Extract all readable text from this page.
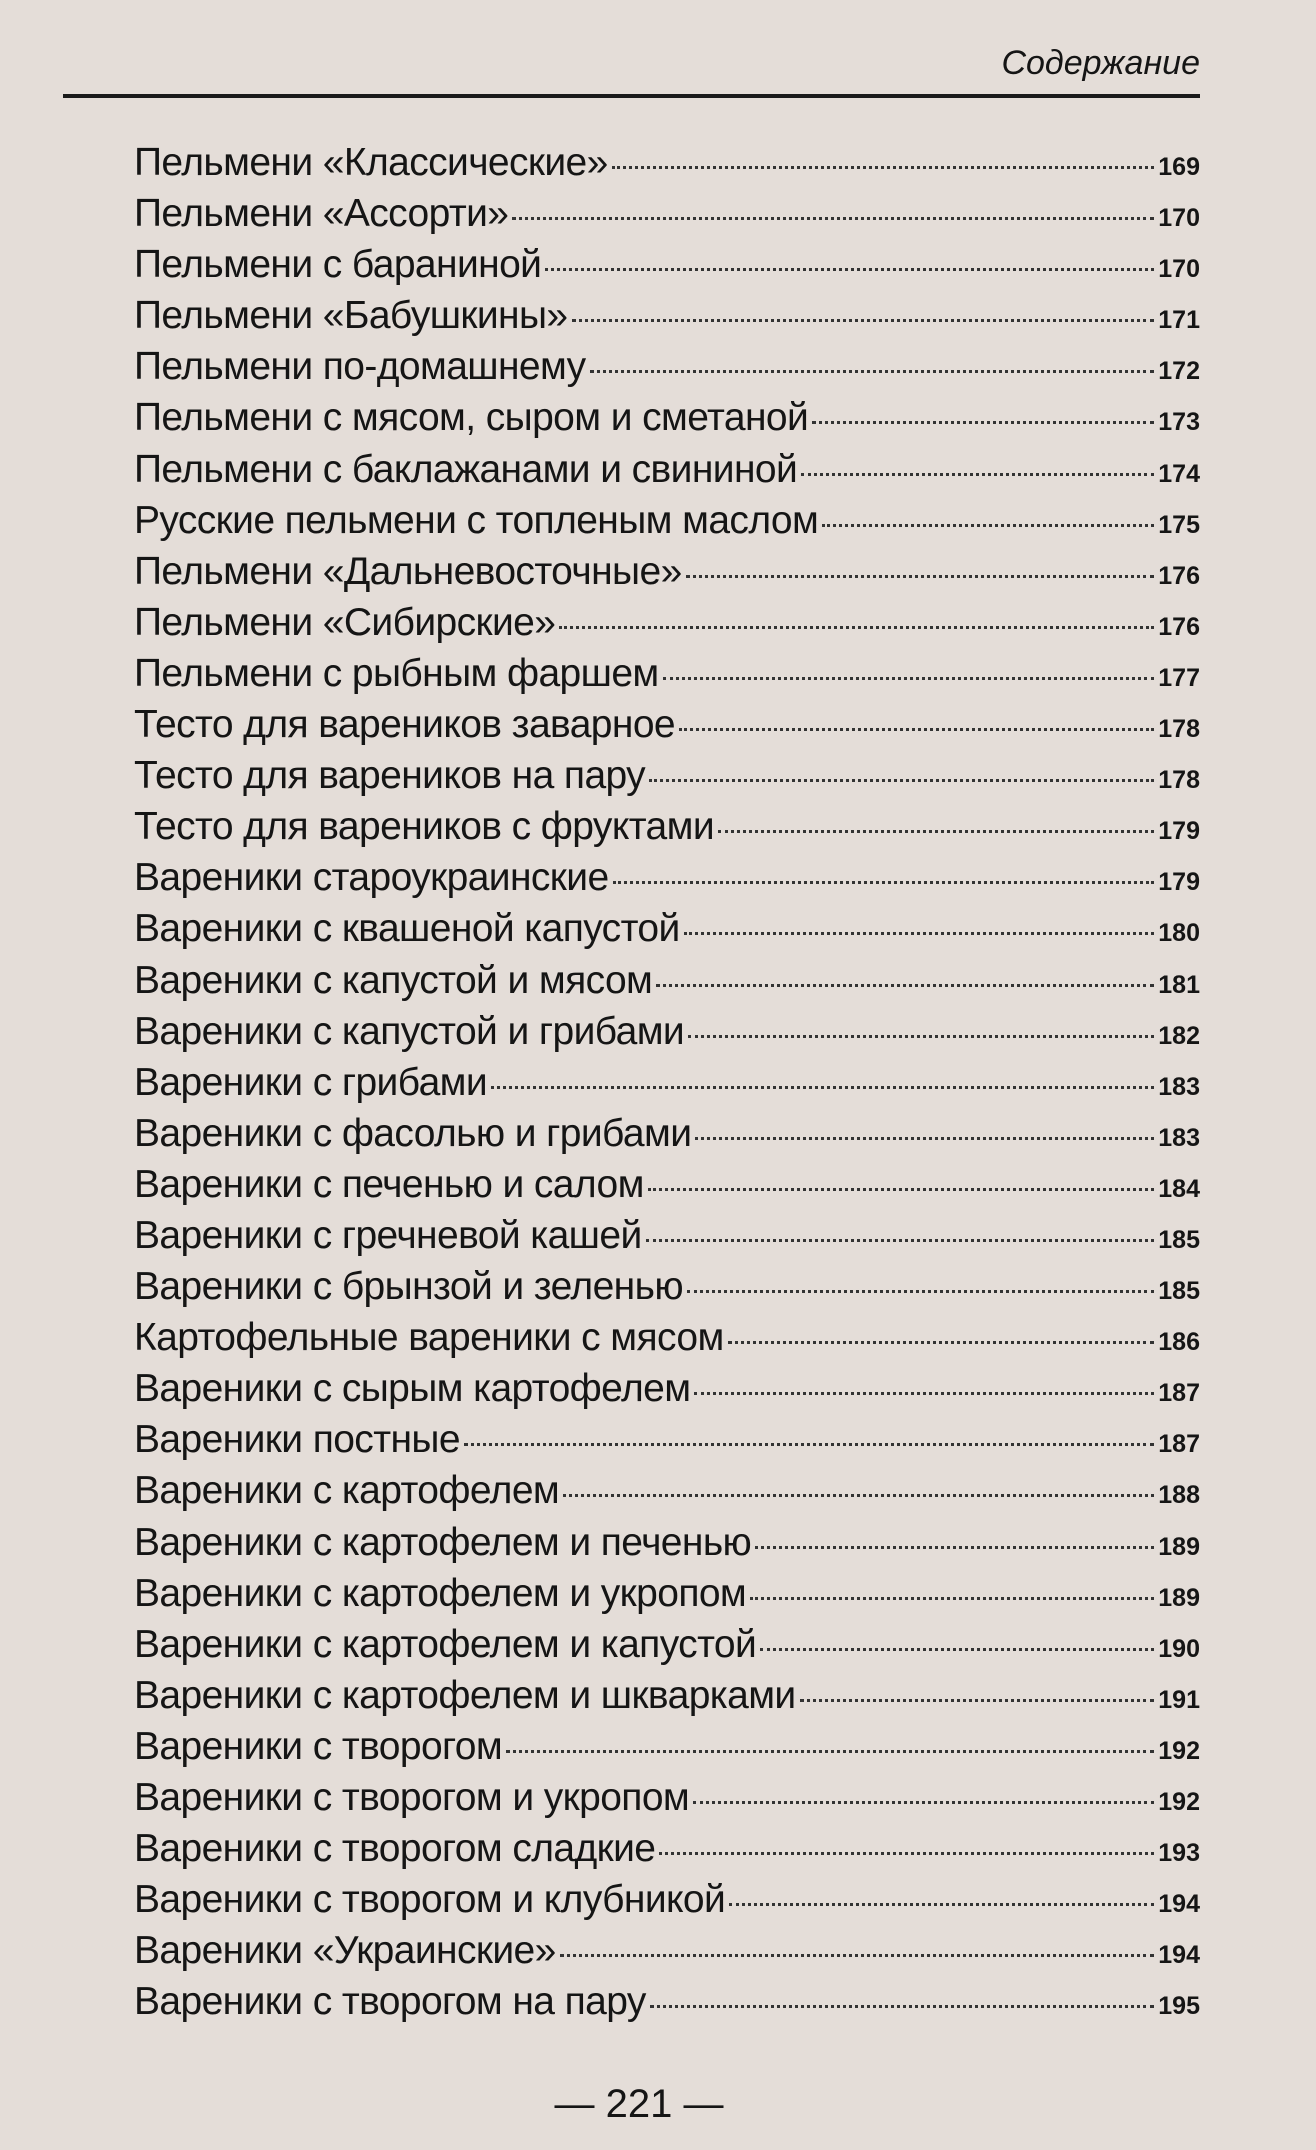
Содержание
Пельмени «Классические»	169
Пельмени «Ассорти»	170
Пельмени с бараниной	170
Пельмени «Бабушкины»	171
Пельмени по-домашнему	172
Пельмени с мясом, сыром и сметаной	173
Пельмени с баклажанами и свининой	174
Русские пельмени с топленым маслом	175
Пельмени «Дальневосточные»	176
Пельмени «Сибирские»	176
Пельмени с рыбным фаршем	177
Тесто для вареников заварное	178
Тесто для вареников на пару	178
Тесто для вареников с фруктами	179
Вареники староукраинские	179
Вареники с квашеной капустой	180
Вареники с капустой и мясом	181
Вареники с капустой и грибами	182
Вареники с грибами	183
Вареники с фасолью и грибами	183
Вареники с печенью и салом	184
Вареники с гречневой кашей	185
Вареники с брынзой и зеленью	185
Картофельные вареники с мясом	186
Вареники с сырым картофелем	187
Вареники постные	187
Вареники с картофелем	188
Вареники с картофелем и печенью	189
Вареники с картофелем и укропом	189
Вареники с картофелем и капустой	190
Вареники с картофелем и шкварками	191
Вареники с творогом	192
Вареники с творогом и укропом	192
Вареники с творогом сладкие	193
Вареники с творогом и клубникой	194
Вареники «Украинские»	194
Вареники с творогом на пару	195
— 221 —
